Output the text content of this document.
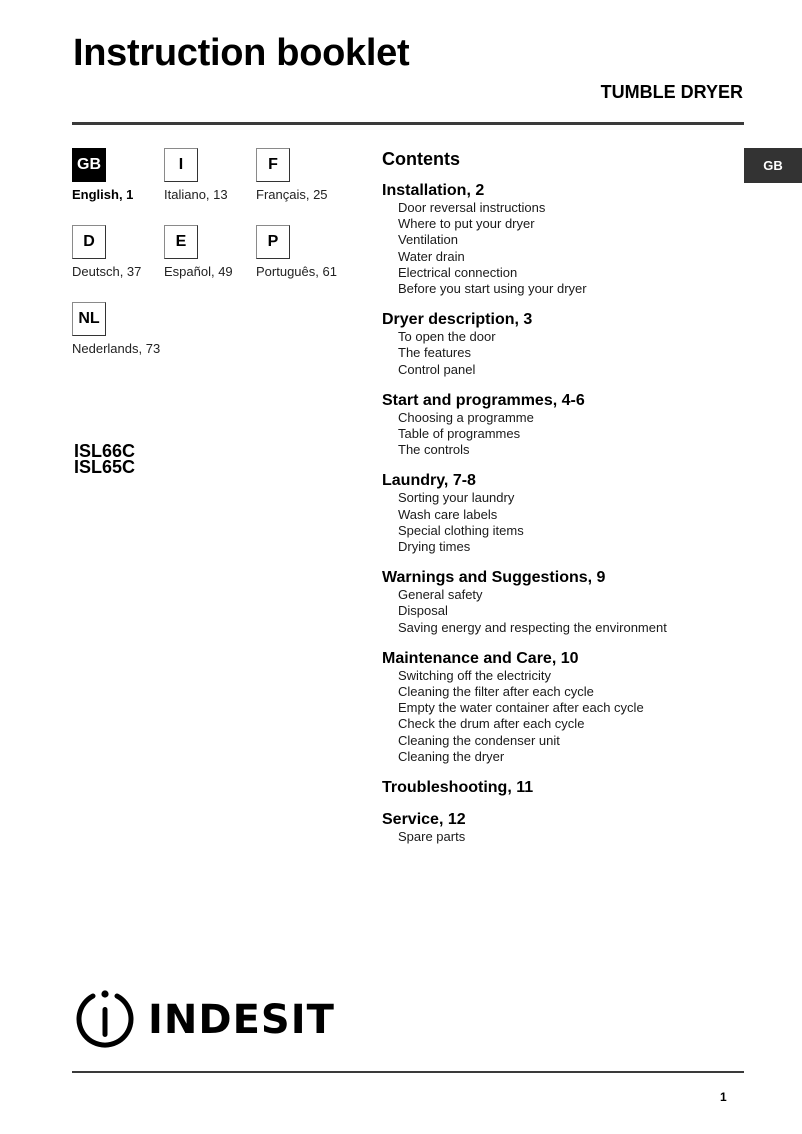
Instruction booklet
TUMBLE DRYER
GB
GB
English, 1
I
Italiano, 13
F
Français, 25
D
Deutsch, 37
E
Español, 49
P
Português, 61
NL
Nederlands, 73
ISL66C
ISL65C
Contents
Installation, 2
Door reversal instructions
Where to put your dryer
Ventilation
Water drain
Electrical connection
Before you start using your dryer
Dryer description, 3
To open the door
The features
Control panel
Start and programmes, 4-6
Choosing a programme
Table of programmes
The controls
Laundry, 7-8
Sorting your laundry
Wash care labels
Special clothing items
Drying times
Warnings and Suggestions, 9
General safety
Disposal
Saving energy and respecting the environment
Maintenance and Care, 10
Switching off the electricity
Cleaning the filter after each cycle
Empty the water container after each cycle
Check the drum after each cycle
Cleaning the condenser unit
Cleaning the dryer
Troubleshooting, 11
Service, 12
Spare parts
INDESIT
1
